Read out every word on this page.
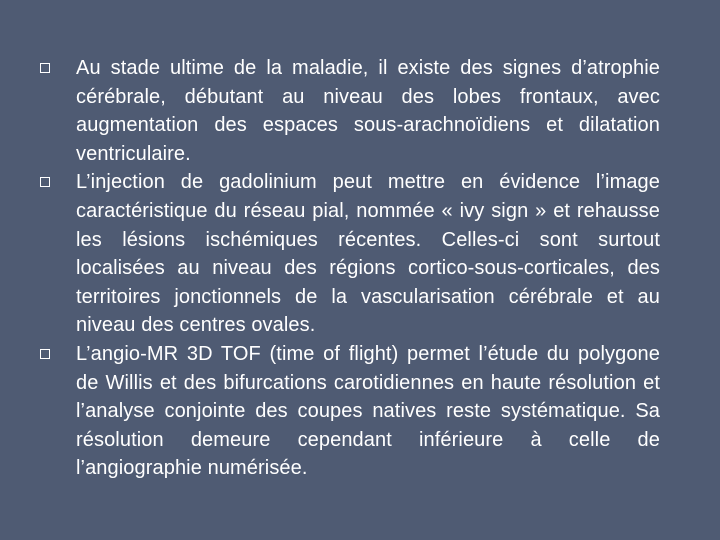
Au stade ultime de la maladie, il existe des signes d’atrophie cérébrale, débutant au niveau des lobes frontaux, avec augmentation des espaces sous-arachnoïdiens et dilatation ventriculaire.
L’injection de gadolinium peut mettre en évidence l’image caractéristique du réseau pial, nommée « ivy sign » et rehausse les lésions ischémiques récentes. Celles-ci sont surtout localisées au niveau des régions cortico-sous-corticales, des territoires jonctionnels de la vascularisation cérébrale et au niveau des centres ovales.
L’angio-MR 3D TOF (time of flight) permet l’étude du polygone de Willis et des bifurcations carotidiennes en haute résolution et l’analyse conjointe des coupes natives reste systématique. Sa résolution demeure cependant inférieure à celle de l’angiographie numérisée.
